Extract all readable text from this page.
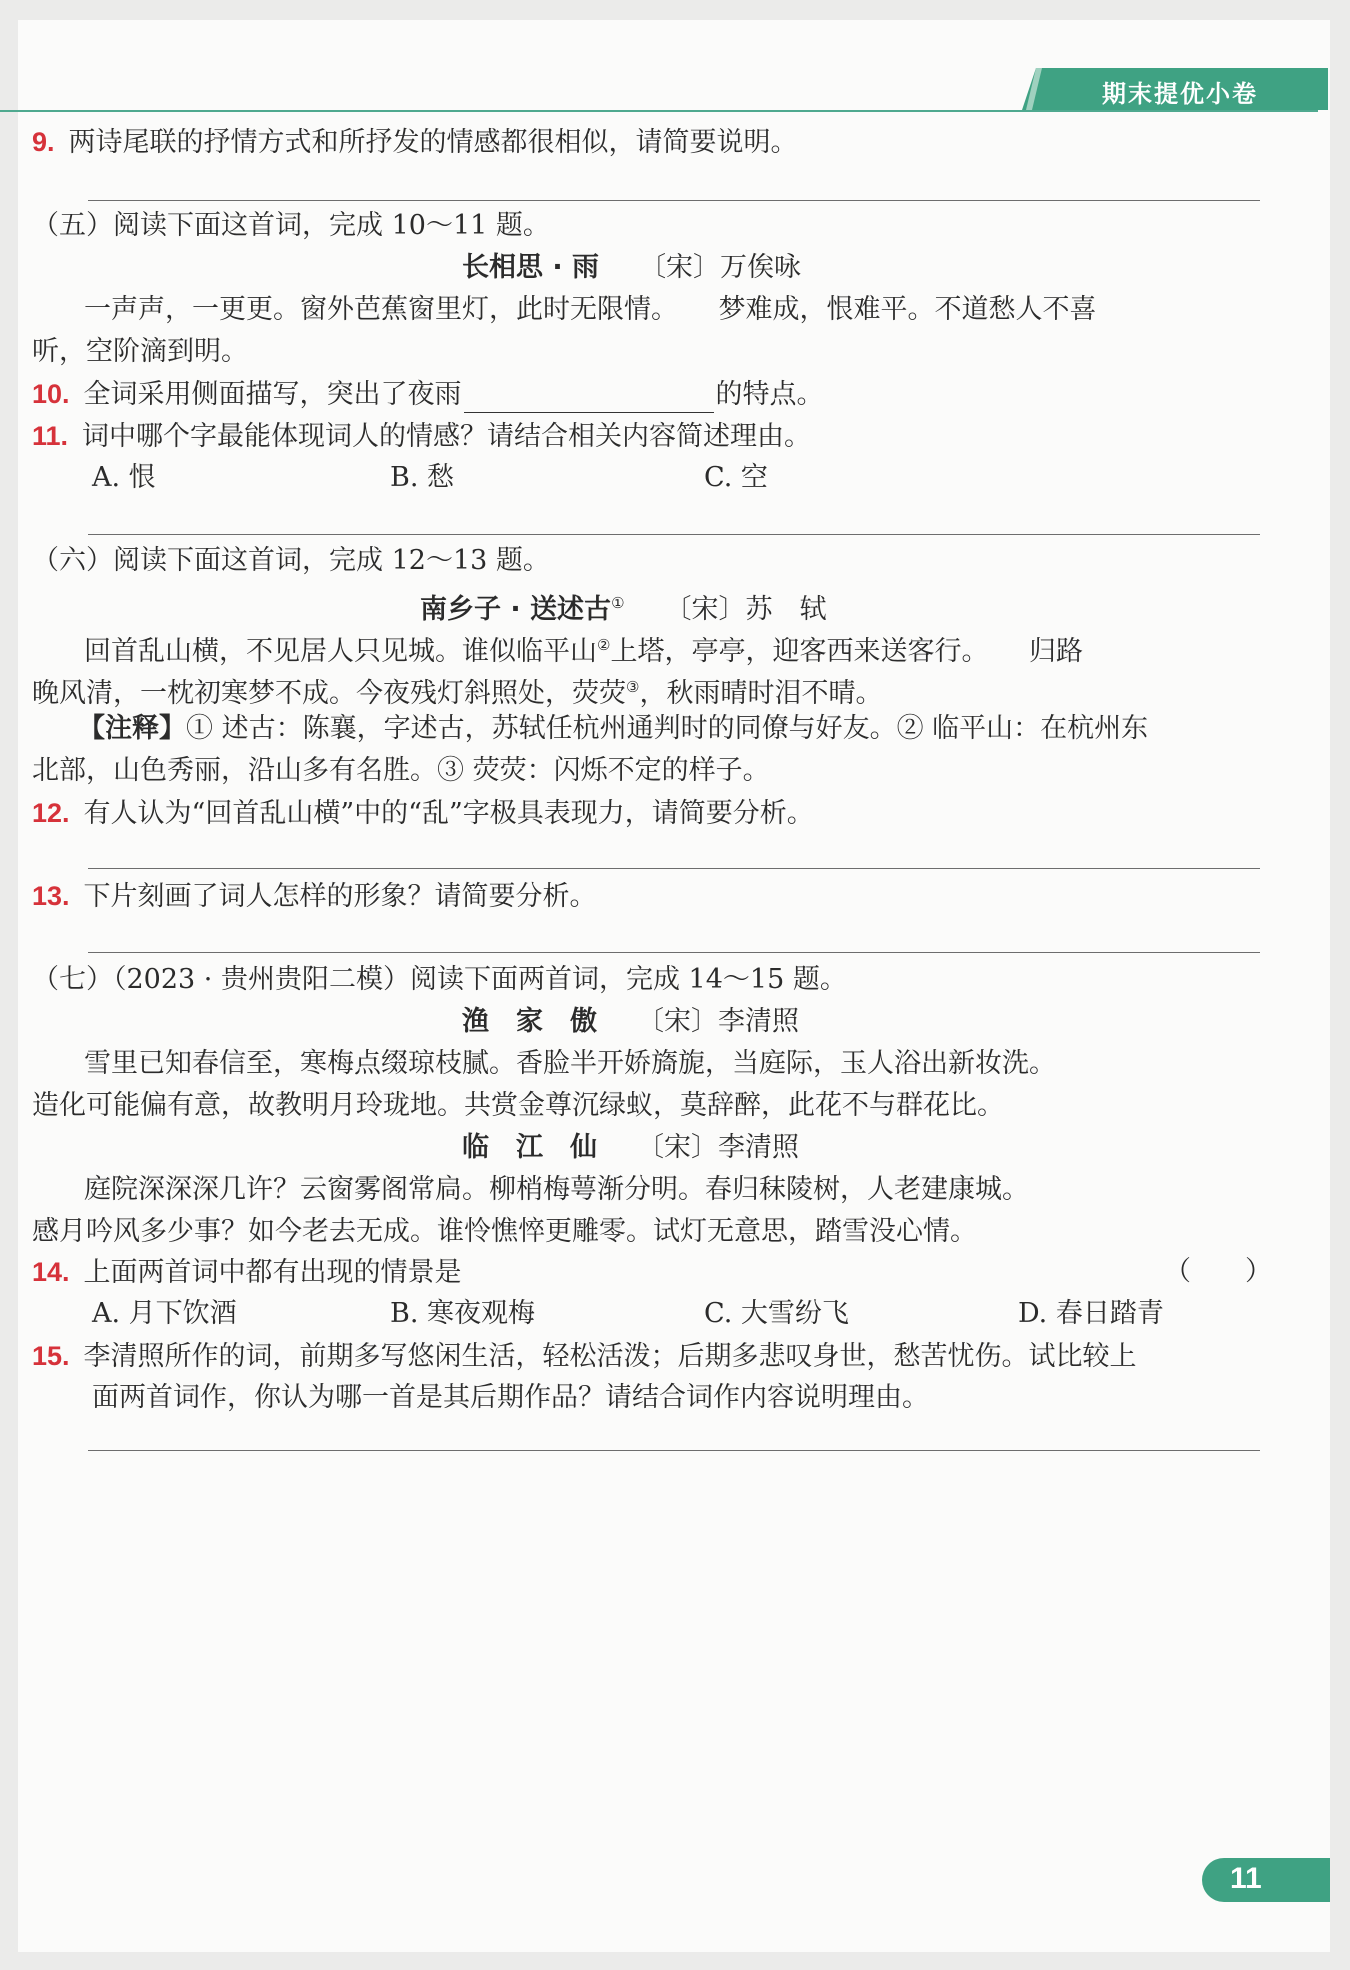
期末提优小卷
9. 两诗尾联的抒情方式和所抒发的情感都很相似，请简要说明。
（五）阅读下面这首词，完成 10～11 题。
长相思 · 雨 〔宋〕万俟咏
一声声，一更更。窗外芭蕉窗里灯，此时无限情。　　梦难成，恨难平。不道愁人不喜
听，空阶滴到明。
10. 全词采用侧面描写，突出了夜雨	的特点。
11. 词中哪个字最能体现词人的情感？请结合相关内容简述理由。
A. 恨	B. 愁	C. 空
（六）阅读下面这首词，完成 12～13 题。
南乡子 · 送述古① 〔宋〕苏　轼
回首乱山横，不见居人只见城。谁似临平山②上塔，亭亭，迎客西来送客行。　　归路
晚风清，一枕初寒梦不成。今夜残灯斜照处，荧荧③，秋雨晴时泪不晴。
【注释】① 述古：陈襄，字述古，苏轼任杭州通判时的同僚与好友。② 临平山：在杭州东
北部，山色秀丽，沿山多有名胜。③ 荧荧：闪烁不定的样子。
12. 有人认为“回首乱山横”中的“乱”字极具表现力，请简要分析。
13. 下片刻画了词人怎样的形象？请简要分析。
（七）（2023 · 贵州贵阳二模）阅读下面两首词，完成 14～15 题。
渔　家　傲 〔宋〕李清照
雪里已知春信至，寒梅点缀琼枝腻。香脸半开娇旖旎，当庭际，玉人浴出新妆洗。
造化可能偏有意，故教明月玲珑地。共赏金尊沉绿蚁，莫辞醉，此花不与群花比。
临　江　仙 〔宋〕李清照
庭院深深深几许？云窗雾阁常扃。柳梢梅萼渐分明。春归秣陵树，人老建康城。
感月吟风多少事？如今老去无成。谁怜憔悴更雕零。试灯无意思，踏雪没心情。
14. 上面两首词中都有出现的情景是	（　　）
A. 月下饮酒	B. 寒夜观梅	C. 大雪纷飞	D. 春日踏青
15. 李清照所作的词，前期多写悠闲生活，轻松活泼；后期多悲叹身世，愁苦忧伤。试比较上
面两首词作，你认为哪一首是其后期作品？请结合词作内容说明理由。
11
